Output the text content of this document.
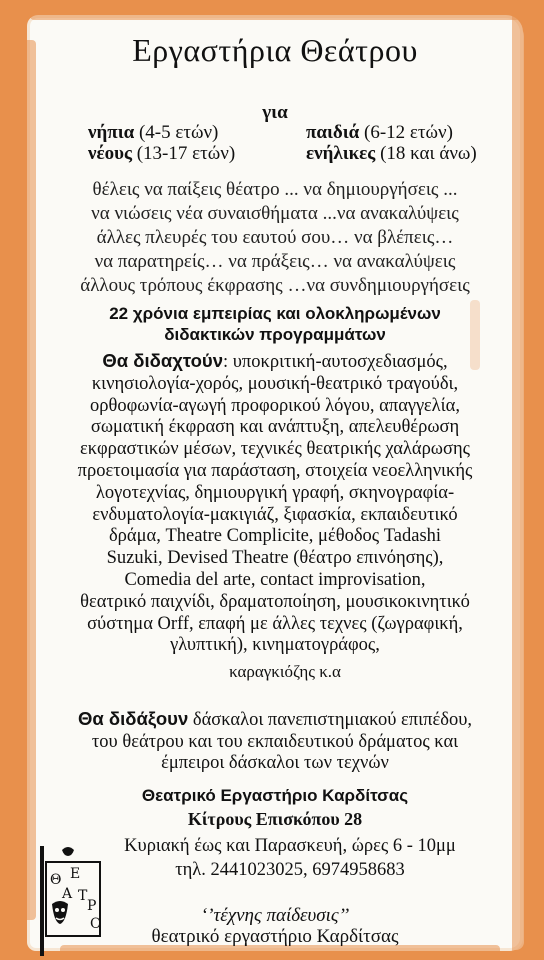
Εργαστήρια Θεάτρου
για
νήπια (4-5 ετών)
νέους (13-17 ετών)
παιδιά (6-12 ετών)
ενήλικες (18 και άνω)
θέλεις να παίξεις θέατρο ... να δημιουργήσεις ...
να νιώσεις νέα συναισθήματα ...να ανακαλύψεις
άλλες πλευρές του εαυτού σου… να βλέπεις…
να παρατηρείς… να πράξεις… να ανακαλύψεις
άλλους τρόπους έκφρασης …να συνδημιουργήσεις
22 χρόνια εμπειρίας και ολοκληρωμένων
διδακτικών προγραμμάτων
Θα διδαχτούν: υποκριτική-αυτοσχεδιασμός,
κινησιολογία-χορός, μουσική-θεατρικό τραγούδι,
ορθοφωνία-αγωγή προφορικού λόγου, απαγγελία,
σωματική έκφραση και ανάπτυξη, απελευθέρωση
εκφραστικών μέσων, τεχνικές θεατρικής χαλάρωσης
προετοιμασία για παράσταση, στοιχεία νεοελληνικής
λογοτεχνίας, δημιουργική γραφή, σκηνογραφία-
ενδυματολογία-μακιγιάζ, ξιφασκία, εκπαιδευτικό
δράμα, Theatre Complicite, μέθοδος Tadashi
Suzuki, Devised Theatre (θέατρο επινόησης),
Comedia del arte, contact improvisation,
θεατρικό παιχνίδι, δραματοποίηση, μουσικοκινητικό
σύστημα Orff, επαφή με άλλες τεχνες (ζωγραφική,
γλυπτική), κινηματογράφος,
καραγκιόζης κ.α
Θα διδάξουν δάσκαλοι πανεπιστημιακού επιπέδου,
του θεάτρου και του εκπαιδευτικού δράματος και
έμπειροι δάσκαλοι των τεχνών
Θεατρικό Εργαστήριο Καρδίτσας
Κίτρους Επισκόπου 28
Κυριακή έως και Παρασκευή, ώρες 6 - 10μμ
τηλ. 2441023025, 6974958683
Θ Ε
Α Τ
Ρ
Ο	‘’τέχνης παίδευσις’’
θεατρικό εργαστήριο Καρδίτσας
